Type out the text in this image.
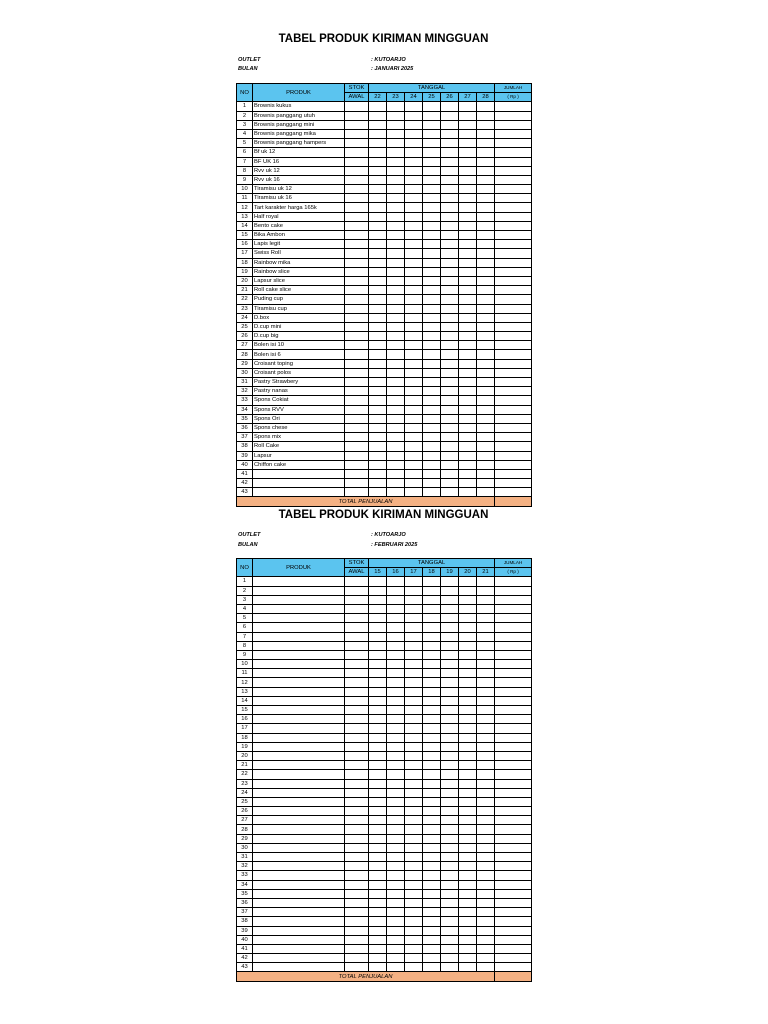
TABEL PRODUK KIRIMAN MINGGUAN
OUTLET	: KUTOARJO
BULAN	: JANUARI 2025
NO	PRODUK	STOK	TANGGAL							JUMLAH
		AWAL	22	23	24	25	26	27	28	( Rp )
1	Brownis kukus									
2	Brownis panggang utuh									
3	Brownis panggang mini									
4	Brownis panggang mika									
5	Brownis panggang hampers									
6	Bf uk 12									
7	BF UK 16									
8	Rvv uk 12									
9	Rvv uk 16									
10	Tiramisu uk 12									
11	Tiramisu uk 16									
12	Tart karakter harga 165k									
13	Half royal									
14	Bento cake									
15	Bika Ambon									
16	Lapis legit									
17	Swiss Roll									
18	Rainbow mika									
19	Rainbow slice									
20	Lapsur slice									
21	Roll cake slice									
22	Puding cup									
23	Tiramisu cup									
24	D.box									
25	D.cup mini									
26	D.cup big									
27	Bolen isi 10									
28	Bolen isi 6									
29	Croisant toping									
30	Croisant polos									
31	Pastry Strawbery									
32	Pastry nanas									
33	Spons Cokiat									
34	Spons RVV									
35	Spons Ori									
36	Spons chese									
37	Spons mix									
38	Roll Cake									
39	Lapsur									
40	Chiffon cake									
41										
42										
43										
TOTAL PENJUALAN										
TABEL PRODUK KIRIMAN MINGGUAN
OUTLET	: KUTOARJO
BULAN	: FEBRUARI 2025
NO	PRODUK	STOK	TANGGAL							JUMLAH
		AWAL	15	16	17	18	19	20	21	( Rp )
1										
2										
3										
4										
5										
6										
7										
8										
9										
10										
11										
12										
13										
14										
15										
16										
17										
18										
19										
20										
21										
22										
23										
24										
25										
26										
27										
28										
29										
30										
31										
32										
33										
34										
35										
36										
37										
38										
39										
40										
41										
42										
43										
TOTAL PENJUALAN										
